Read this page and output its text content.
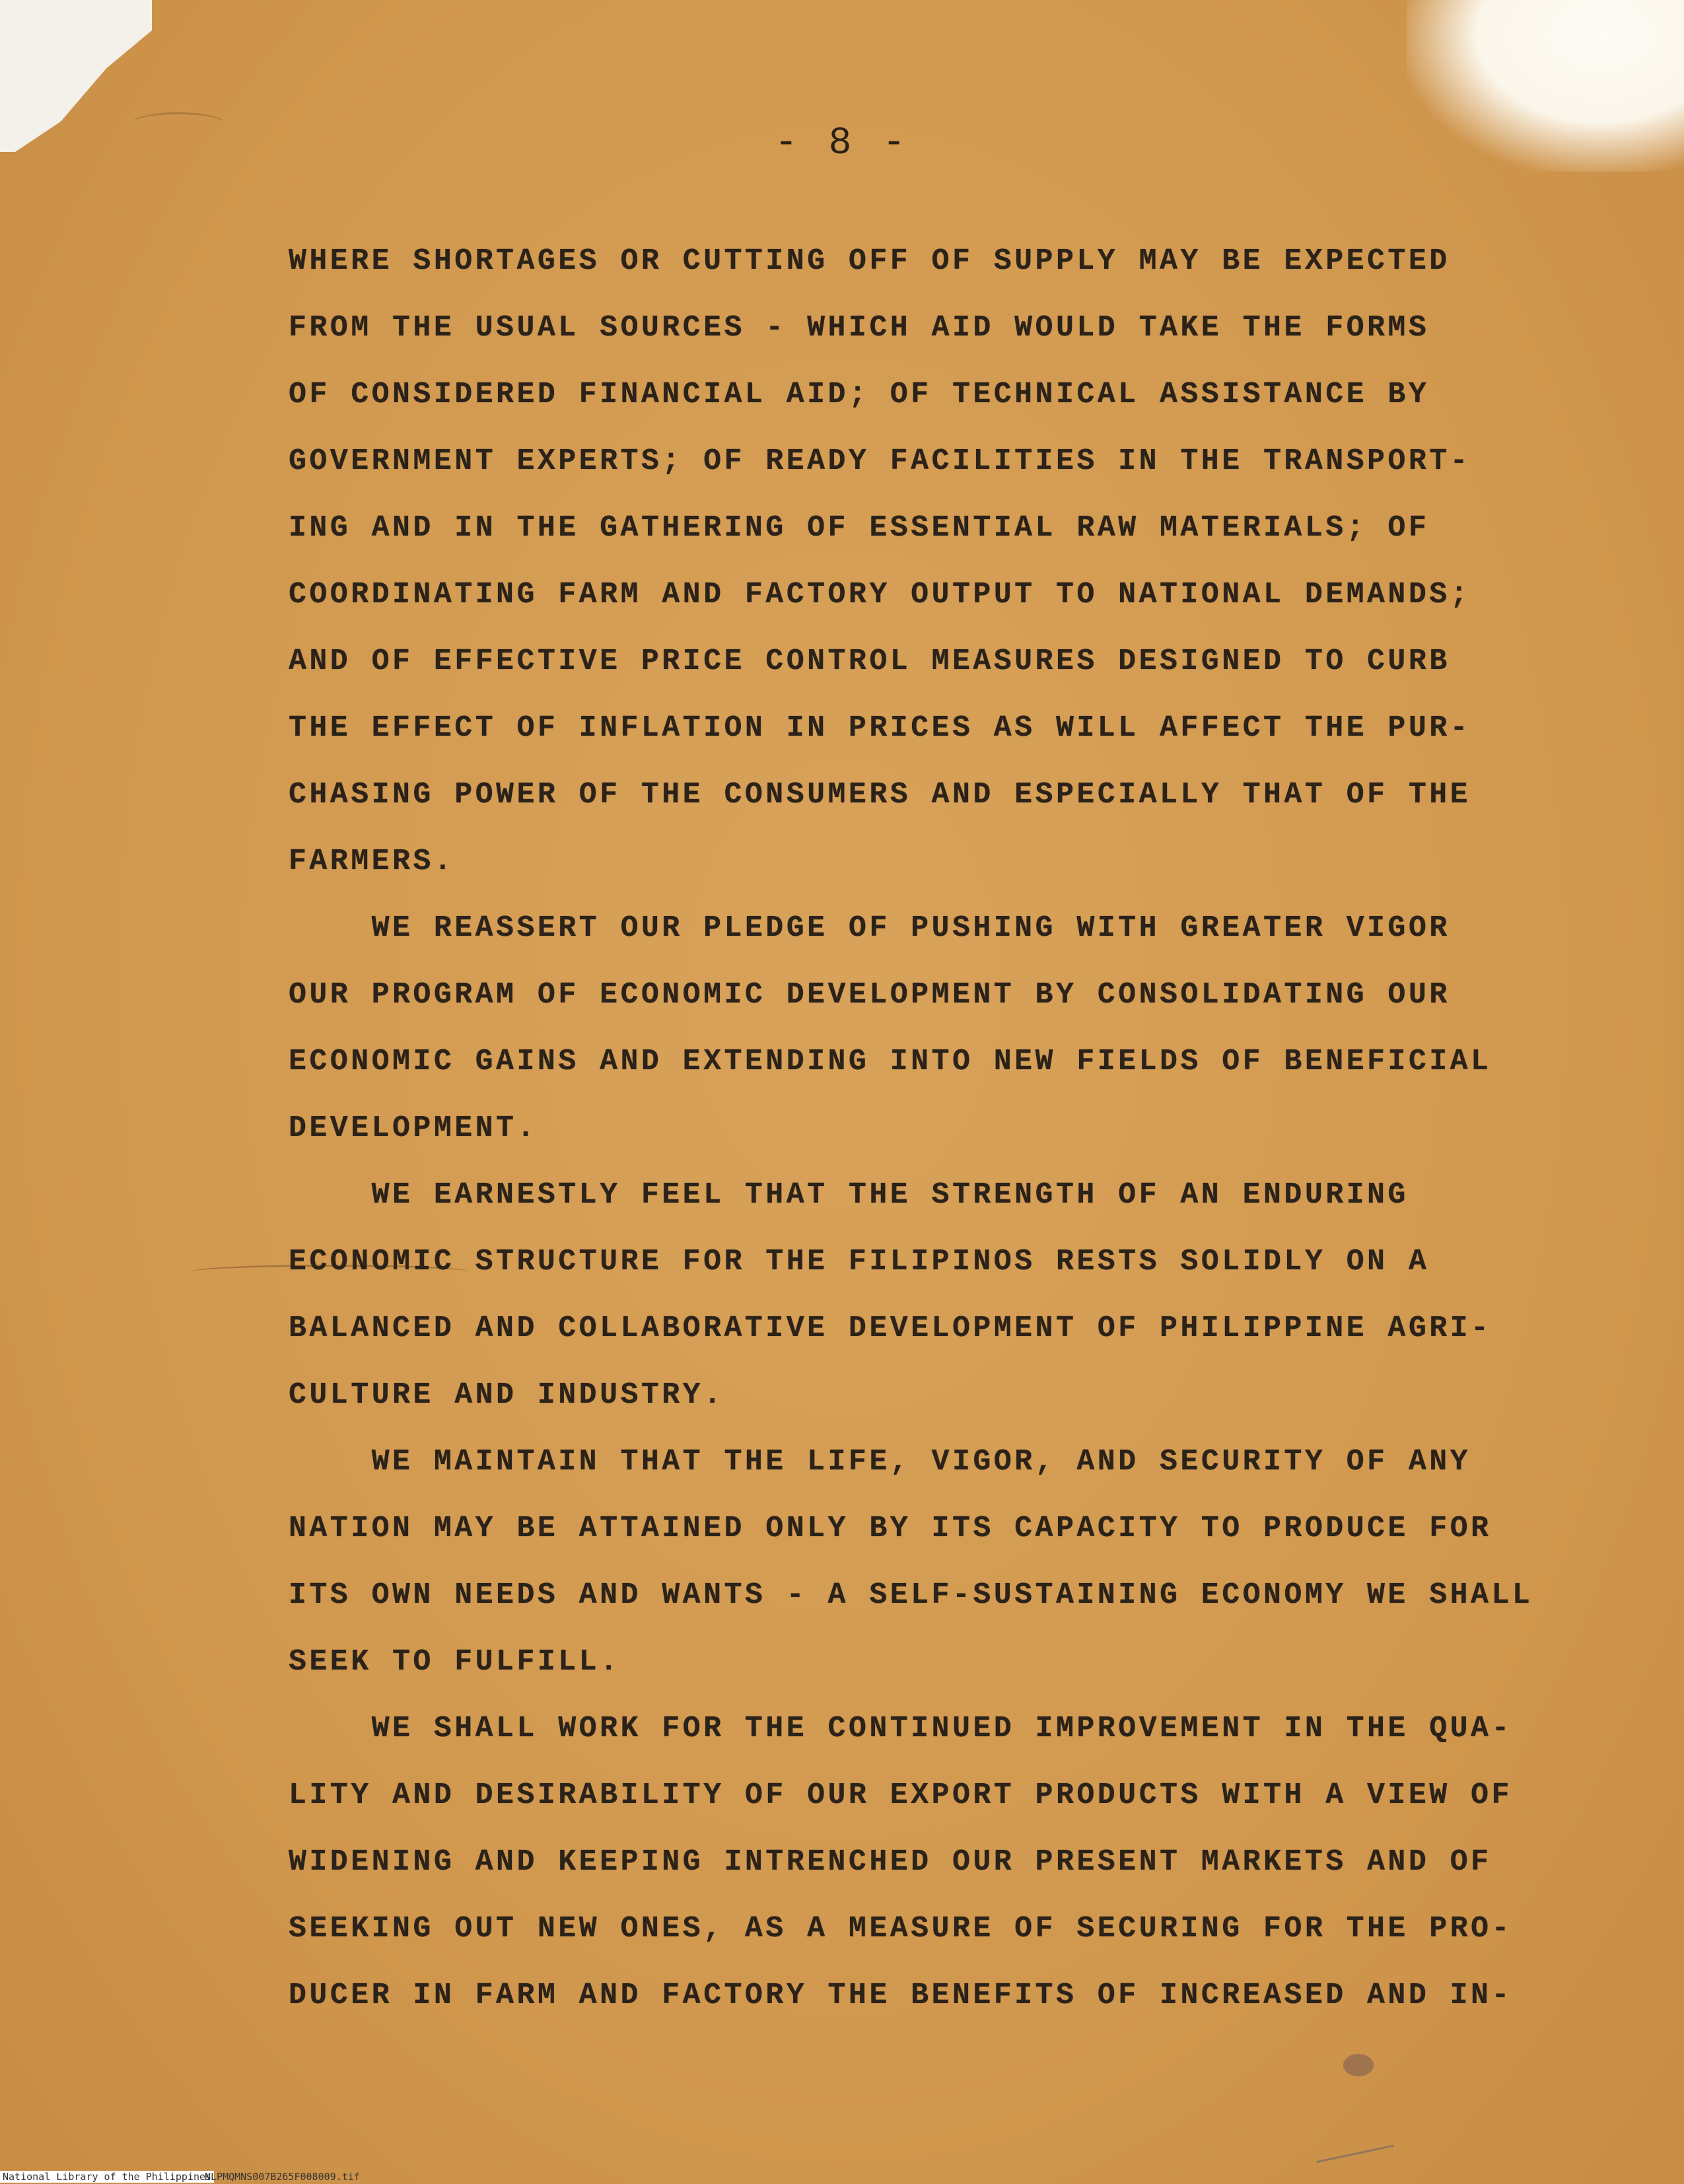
- 8 -
WHERE SHORTAGES OR CUTTING OFF OF SUPPLY MAY BE EXPECTED
FROM THE USUAL SOURCES - WHICH AID WOULD TAKE THE FORMS
OF CONSIDERED FINANCIAL AID; OF TECHNICAL ASSISTANCE BY
GOVERNMENT EXPERTS; OF READY FACILITIES IN THE TRANSPORT-
ING AND IN THE GATHERING OF ESSENTIAL RAW MATERIALS; OF
COORDINATING FARM AND FACTORY OUTPUT TO NATIONAL DEMANDS;
AND OF EFFECTIVE PRICE CONTROL MEASURES DESIGNED TO CURB
THE EFFECT OF INFLATION IN PRICES AS WILL AFFECT THE PUR-
CHASING POWER OF THE CONSUMERS AND ESPECIALLY THAT OF THE
FARMERS.
WE REASSERT OUR PLEDGE OF PUSHING WITH GREATER VIGOR
OUR PROGRAM OF ECONOMIC DEVELOPMENT BY CONSOLIDATING OUR
ECONOMIC GAINS AND EXTENDING INTO NEW FIELDS OF BENEFICIAL
DEVELOPMENT.
WE EARNESTLY FEEL THAT THE STRENGTH OF AN ENDURING
ECONOMIC STRUCTURE FOR THE FILIPINOS RESTS SOLIDLY ON A
BALANCED AND COLLABORATIVE DEVELOPMENT OF PHILIPPINE AGRI-
CULTURE AND INDUSTRY.
WE MAINTAIN THAT THE LIFE, VIGOR, AND SECURITY OF ANY
NATION MAY BE ATTAINED ONLY BY ITS CAPACITY TO PRODUCE FOR
ITS OWN NEEDS AND WANTS - A SELF-SUSTAINING ECONOMY WE SHALL
SEEK TO FULFILL.
WE SHALL WORK FOR THE CONTINUED IMPROVEMENT IN THE QUA-
LITY AND DESIRABILITY OF OUR EXPORT PRODUCTS WITH A VIEW OF
WIDENING AND KEEPING INTRENCHED OUR PRESENT MARKETS AND OF
SEEKING OUT NEW ONES, AS A MEASURE OF SECURING FOR THE PRO-
DUCER IN FARM AND FACTORY THE BENEFITS OF INCREASED AND IN-
National Library of the Philippines
NLPMQMNS007B265F008009.tif
